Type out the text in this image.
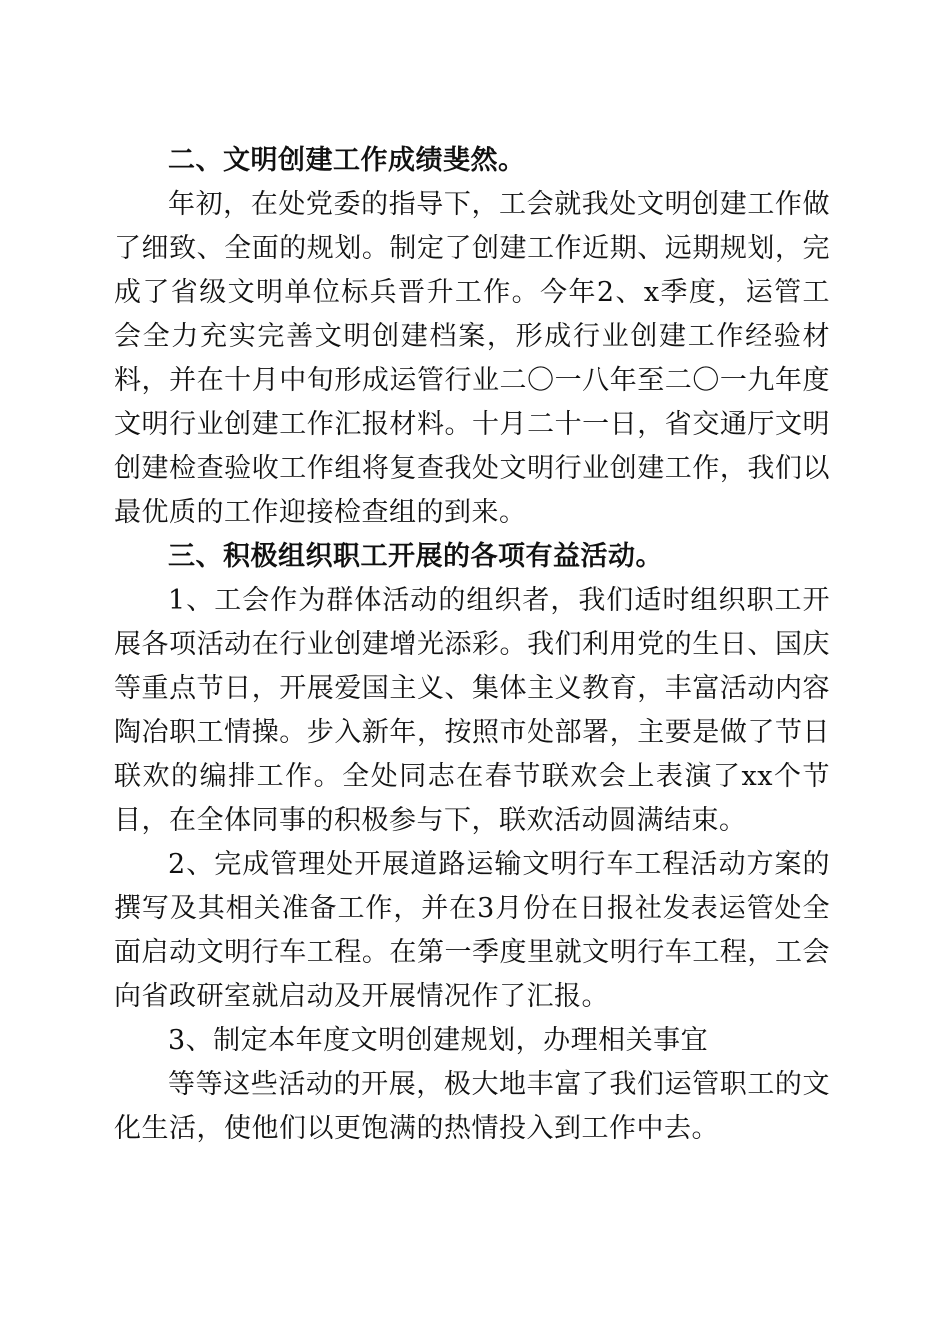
二、文明创建工作成绩斐然。

年初，在处党委的指导下，工会就我处文明创建工作做了细致、全面的规划。制定了创建工作近期、远期规划，完成了省级文明单位标兵晋升工作。今年2、x季度，运管工会全力充实完善文明创建档案，形成行业创建工作经验材料，并在十月中旬形成运管行业二〇一八年至二〇一九年度文明行业创建工作汇报材料。十月二十一日，省交通厅文明创建检查验收工作组将复查我处文明行业创建工作，我们以最优质的工作迎接检查组的到来。

三、积极组织职工开展的各项有益活动。

1、工会作为群体活动的组织者，我们适时组织职工开展各项活动在行业创建增光添彩。我们利用党的生日、国庆等重点节日，开展爱国主义、集体主义教育，丰富活动内容陶冶职工情操。步入新年，按照市处部署，主要是做了节日联欢的编排工作。全处同志在春节联欢会上表演了xx个节目，在全体同事的积极参与下，联欢活动圆满结束。

2、完成管理处开展道路运输文明行车工程活动方案的撰写及其相关准备工作，并在3月份在日报社发表运管处全面启动文明行车工程。在第一季度里就文明行车工程，工会向省政研室就启动及开展情况作了汇报。

3、制定本年度文明创建规划，办理相关事宜

等等这些活动的开展，极大地丰富了我们运管职工的文化生活，使他们以更饱满的热情投入到工作中去。
